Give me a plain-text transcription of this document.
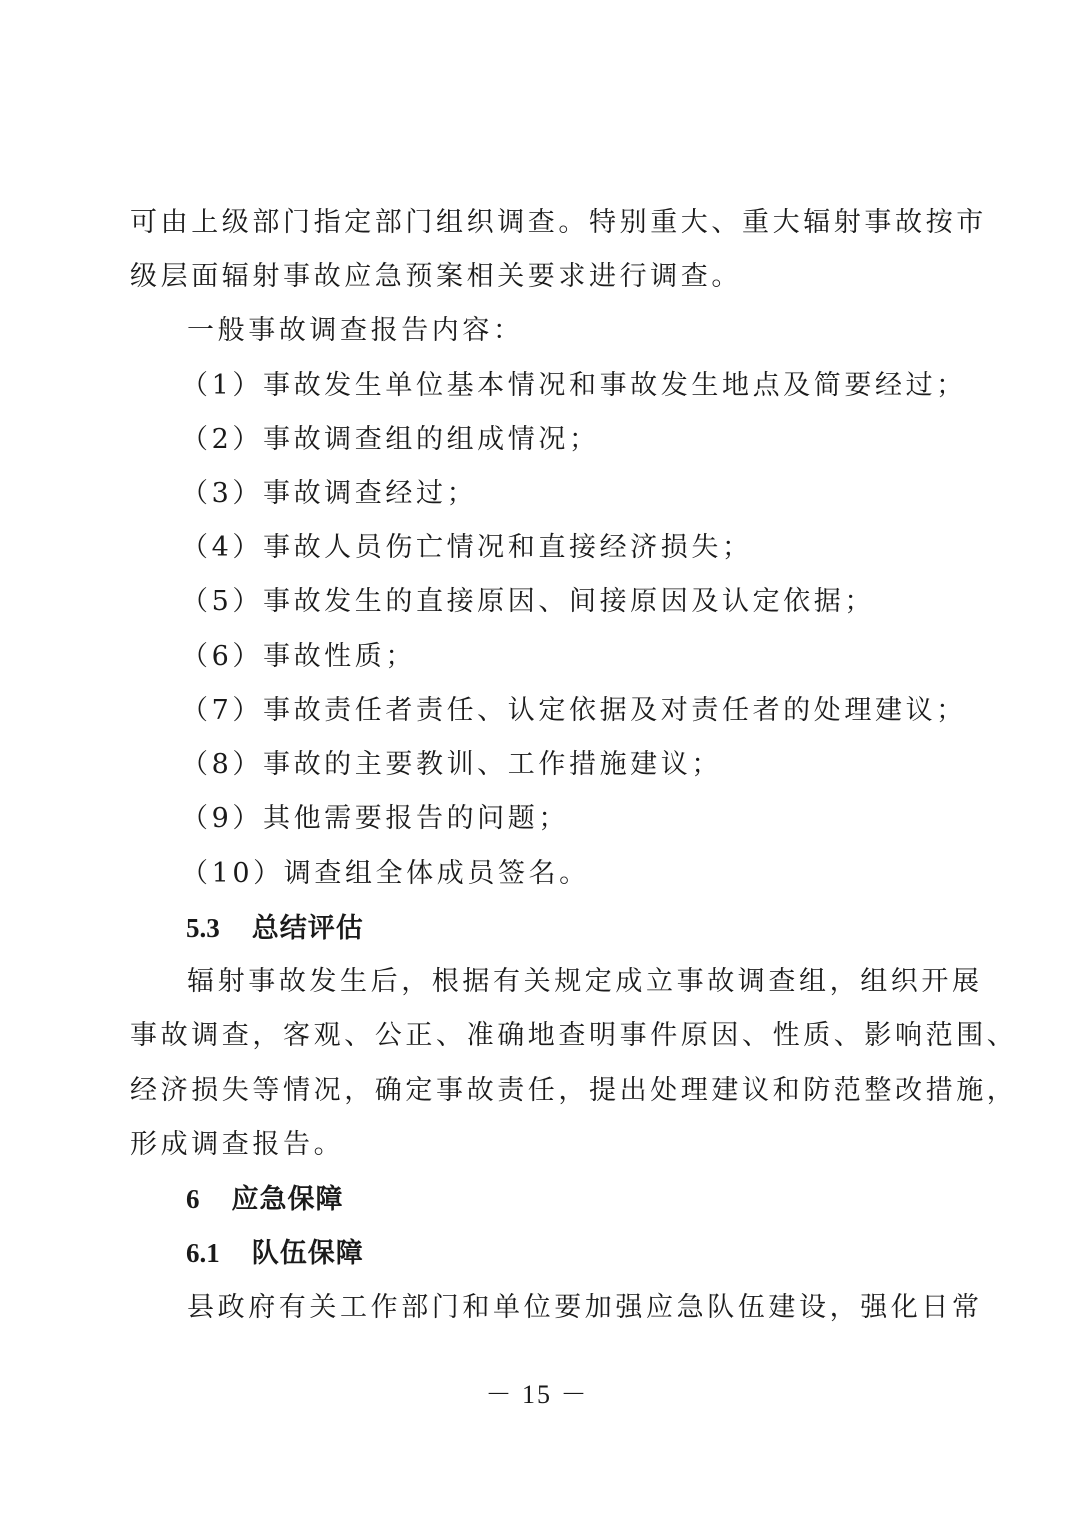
可由上级部门指定部门组织调查。特别重大、重大辐射事故按市
级层面辐射事故应急预案相关要求进行调查。
一般事故调查报告内容：
（1）事故发生单位基本情况和事故发生地点及简要经过；
（2）事故调查组的组成情况；
（3）事故调查经过；
（4）事故人员伤亡情况和直接经济损失；
（5）事故发生的直接原因、间接原因及认定依据；
（6）事故性质；
（7）事故责任者责任、认定依据及对责任者的处理建议；
（8）事故的主要教训、工作措施建议；
（9）其他需要报告的问题；
（10）调查组全体成员签名。
5.3 总结评估
辐射事故发生后，根据有关规定成立事故调查组，组织开展
事故调查，客观、公正、准确地查明事件原因、性质、影响范围、
经济损失等情况，确定事故责任，提出处理建议和防范整改措施，
形成调查报告。
6 应急保障
6.1 队伍保障
县政府有关工作部门和单位要加强应急队伍建设，强化日常
－ 15 －
